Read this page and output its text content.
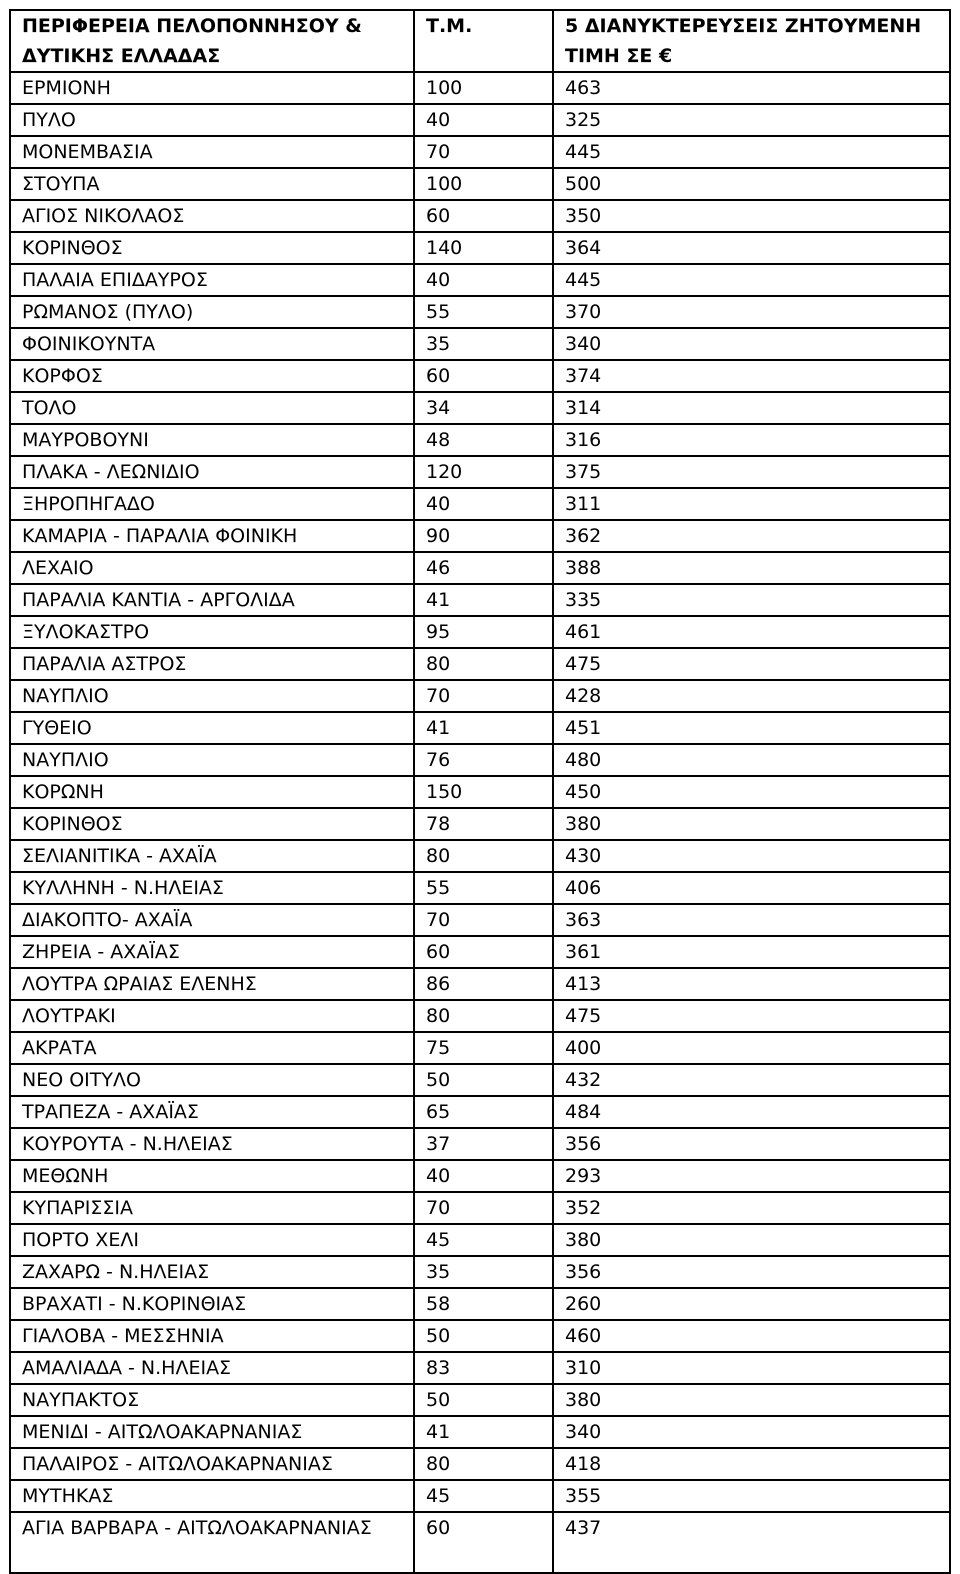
ΠΕΡΙΦΕΡΕΙΑ ΠΕΛΟΠΟΝΝΗΣΟΥ & ΔΥΤΙΚΗΣ ΕΛΛΑΔΑΣ	Τ.Μ.	5 ΔΙΑΝΥΚΤΕΡΕΥΣΕΙΣ ΖΗΤΟΥΜΕΝΗ ΤΙΜΗ ΣΕ €
ΕΡΜΙΟΝΗ	100	463
ΠΥΛΟ	40	325
ΜΟΝΕΜΒΑΣΙΑ	70	445
ΣΤΟΥΠΑ	100	500
ΑΓΙΟΣ ΝΙΚΟΛΑΟΣ	60	350
ΚΟΡΙΝΘΟΣ	140	364
ΠΑΛΑΙΑ ΕΠΙΔΑΥΡΟΣ	40	445
ΡΩΜΑΝΟΣ (ΠΥΛΟ)	55	370
ΦΟΙΝΙΚΟΥΝΤΑ	35	340
ΚΟΡΦΟΣ	60	374
ΤΟΛΟ	34	314
ΜΑΥΡΟΒΟΥΝΙ	48	316
ΠΛΑΚΑ - ΛΕΩΝΙΔΙΟ	120	375
ΞΗΡΟΠΗΓΑΔΟ	40	311
ΚΑΜΑΡΙΑ - ΠΑΡΑΛΙΑ ΦΟΙΝΙΚΗ	90	362
ΛΕΧΑΙΟ	46	388
ΠΑΡΑΛΙΑ ΚΑΝΤΙΑ - ΑΡΓΟΛΙΔΑ	41	335
ΞΥΛΟΚΑΣΤΡΟ	95	461
ΠΑΡΑΛΙΑ ΑΣΤΡΟΣ	80	475
ΝΑΥΠΛΙΟ	70	428
ΓΥΘΕΙΟ	41	451
ΝΑΥΠΛΙΟ	76	480
ΚΟΡΩΝΗ	150	450
ΚΟΡΙΝΘΟΣ	78	380
ΣΕΛΙΑΝΙΤΙΚΑ - ΑΧΑΪΑ	80	430
ΚΥΛΛΗΝΗ - Ν.ΗΛΕΙΑΣ	55	406
ΔΙΑΚΟΠΤΟ- ΑΧΑΪΑ	70	363
ΖΗΡΕΙΑ - ΑΧΑΪΑΣ	60	361
ΛΟΥΤΡΑ ΩΡΑΙΑΣ ΕΛΕΝΗΣ	86	413
ΛΟΥΤΡΑΚΙ	80	475
ΑΚΡΑΤΑ	75	400
ΝΕΟ ΟΙΤΥΛΟ	50	432
ΤΡΑΠΕΖΑ - ΑΧΑΪΑΣ	65	484
ΚΟΥΡΟΥΤΑ - Ν.ΗΛΕΙΑΣ	37	356
ΜΕΘΩΝΗ	40	293
ΚΥΠΑΡΙΣΣΙΑ	70	352
ΠΟΡΤΟ ΧΕΛΙ	45	380
ΖΑΧΑΡΩ - Ν.ΗΛΕΙΑΣ	35	356
ΒΡΑΧΑΤΙ - Ν.ΚΟΡΙΝΘΙΑΣ	58	260
ΓΙΑΛΟΒΑ - ΜΕΣΣΗΝΙΑ	50	460
ΑΜΑΛΙΑΔΑ - Ν.ΗΛΕΙΑΣ	83	310
ΝΑΥΠΑΚΤΟΣ	50	380
ΜΕΝΙΔΙ - ΑΙΤΩΛΟΑΚΑΡΝΑΝΙΑΣ	41	340
ΠΑΛΑΙΡΟΣ - ΑΙΤΩΛΟΑΚΑΡΝΑΝΙΑΣ	80	418
ΜΥΤΗΚΑΣ	45	355
ΑΓΙΑ ΒΑΡΒΑΡΑ - ΑΙΤΩΛΟΑΚΑΡΝΑΝΙΑΣ	60	437
